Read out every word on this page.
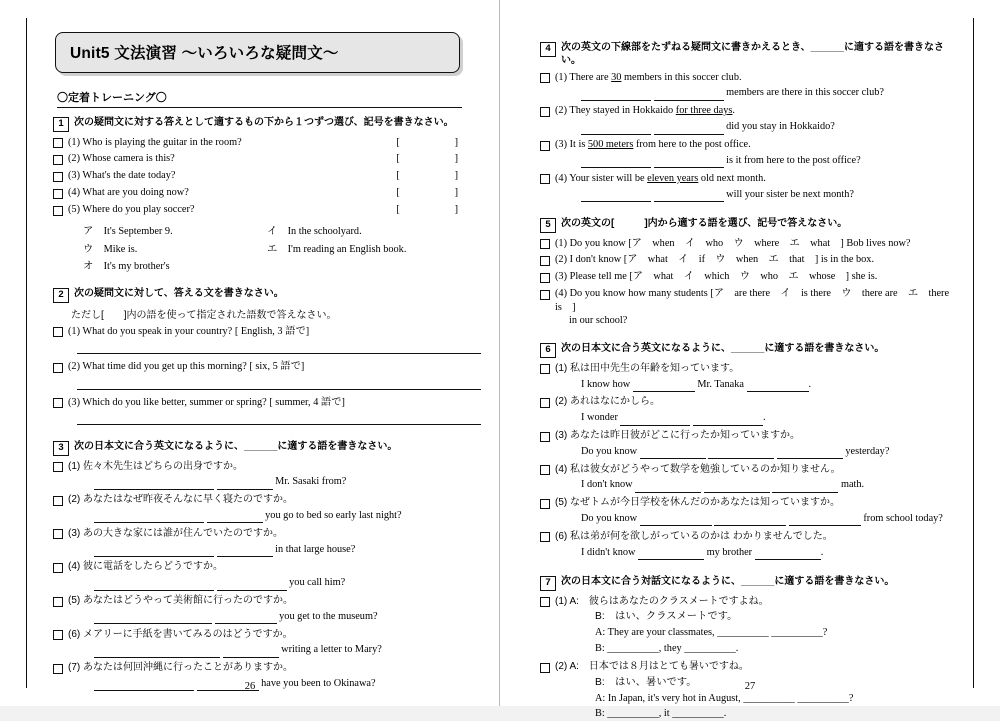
Unit5 文法演習 ～いろいろな疑問文～
〇定着トレーニング〇
1	次の疑問文に対する答えとして適するもの下から１つずつ選び、記号を書きなさい。
(1) Who is playing the guitar in the room?	[　　　]
(2) Whose camera is this?	[　　　]
(3) What's the date today?	[　　　]
(4) What are you doing now?	[　　　]
(5) Where do you play soccer?	[　　　]
ア　It's September 9.	イ　In the schoolyard.
ウ　Mike is.	エ　I'm reading an English book.
オ　It's my brother's
2	次の疑問文に対して、答える文を書きなさい。
ただし[　　]内の語を使って指定された語数で答えなさい。
(1) What do you speak in your country? [ English, 3 語で]
(2) What time did you get up this morning? [ six, 5 語で]
(3) Which do you like better, summer or spring? [ summer, 4 語で]
3	次の日本文に合う英文になるように、______に適する語を書きなさい。
(1) 佐々木先生はどちらの出身ですか。
Mr. Sasaki from?
(2) あなたはなぜ昨夜そんなに早く寝たのですか。
you go to bed so early last night?
(3) あの大きな家には誰が住んでいたのですか。
in that large house?
(4) 彼に電話をしたらどうですか。
you call him?
(5) あなたはどうやって美術館に行ったのですか。
you get to the museum?
(6) メアリーに手紙を書いてみるのはどうですか。
writing a letter to Mary?
(7) あなたは何回沖縄に行ったことがありますか。
have you been to Okinawa?
26
4	次の英文の下線部をたずねる疑問文に書きかえるとき、______に適する語を書きなさい。
(1) There are 30 members in this soccer club.
members are there in this soccer club?
(2) They stayed in Hokkaido for three days.
did you stay in Hokkaido?
(3) It is 500 meters from here to the post office.
is it from here to the post office?
(4) Your sister will be eleven years old next month.
will your sister be next month?
5	次の英文の[　　　]内から適する語を選び、記号で答えなさい。
(1) Do you know [ア　when　イ　who　ウ　where　エ　what　] Bob lives now?
(2) I don't know [ア　what　イ　if　ウ　when　エ　that　] is in the box.
(3) Please tell me [ア　what　イ　which　ウ　who　エ　whose　] she is.
(4) Do you know how many students [ア　are there　イ　is there　ウ　there are　エ　there is　]
in our school?
6	次の日本文に合う英文になるように、______に適する語を書きなさい。
(1) 私は田中先生の年齢を知っています。
I know how	Mr. Tanaka	.
(2) あれはなにかしら。
I wonder	.
(3) あなたは昨日彼がどこに行ったか知っていますか。
Do you know	yesterday?
(4) 私は彼女がどうやって数学を勉強しているのか知りません。
I don't know	math.
(5) なぜトムが今日学校を休んだのかあなたは知っていますか。
Do you know	from school today?
(6) 私は弟が何を欲しがっているのかは わかりませんでした。
I didn't know	my brother	.
7	次の日本文に合う対話文になるように、______に適する語を書きなさい。
(1) A:　彼らはあなたのクラスメートですよね。
B:　はい、クラスメートです。
A: They are your classmates, __________ __________?
B: __________, they __________.
(2) A:　日本では８月はとても暑いですね。
B:　はい、暑いです。
A: In Japan, it's very hot in August, __________ __________?
B: __________, it __________.
27
